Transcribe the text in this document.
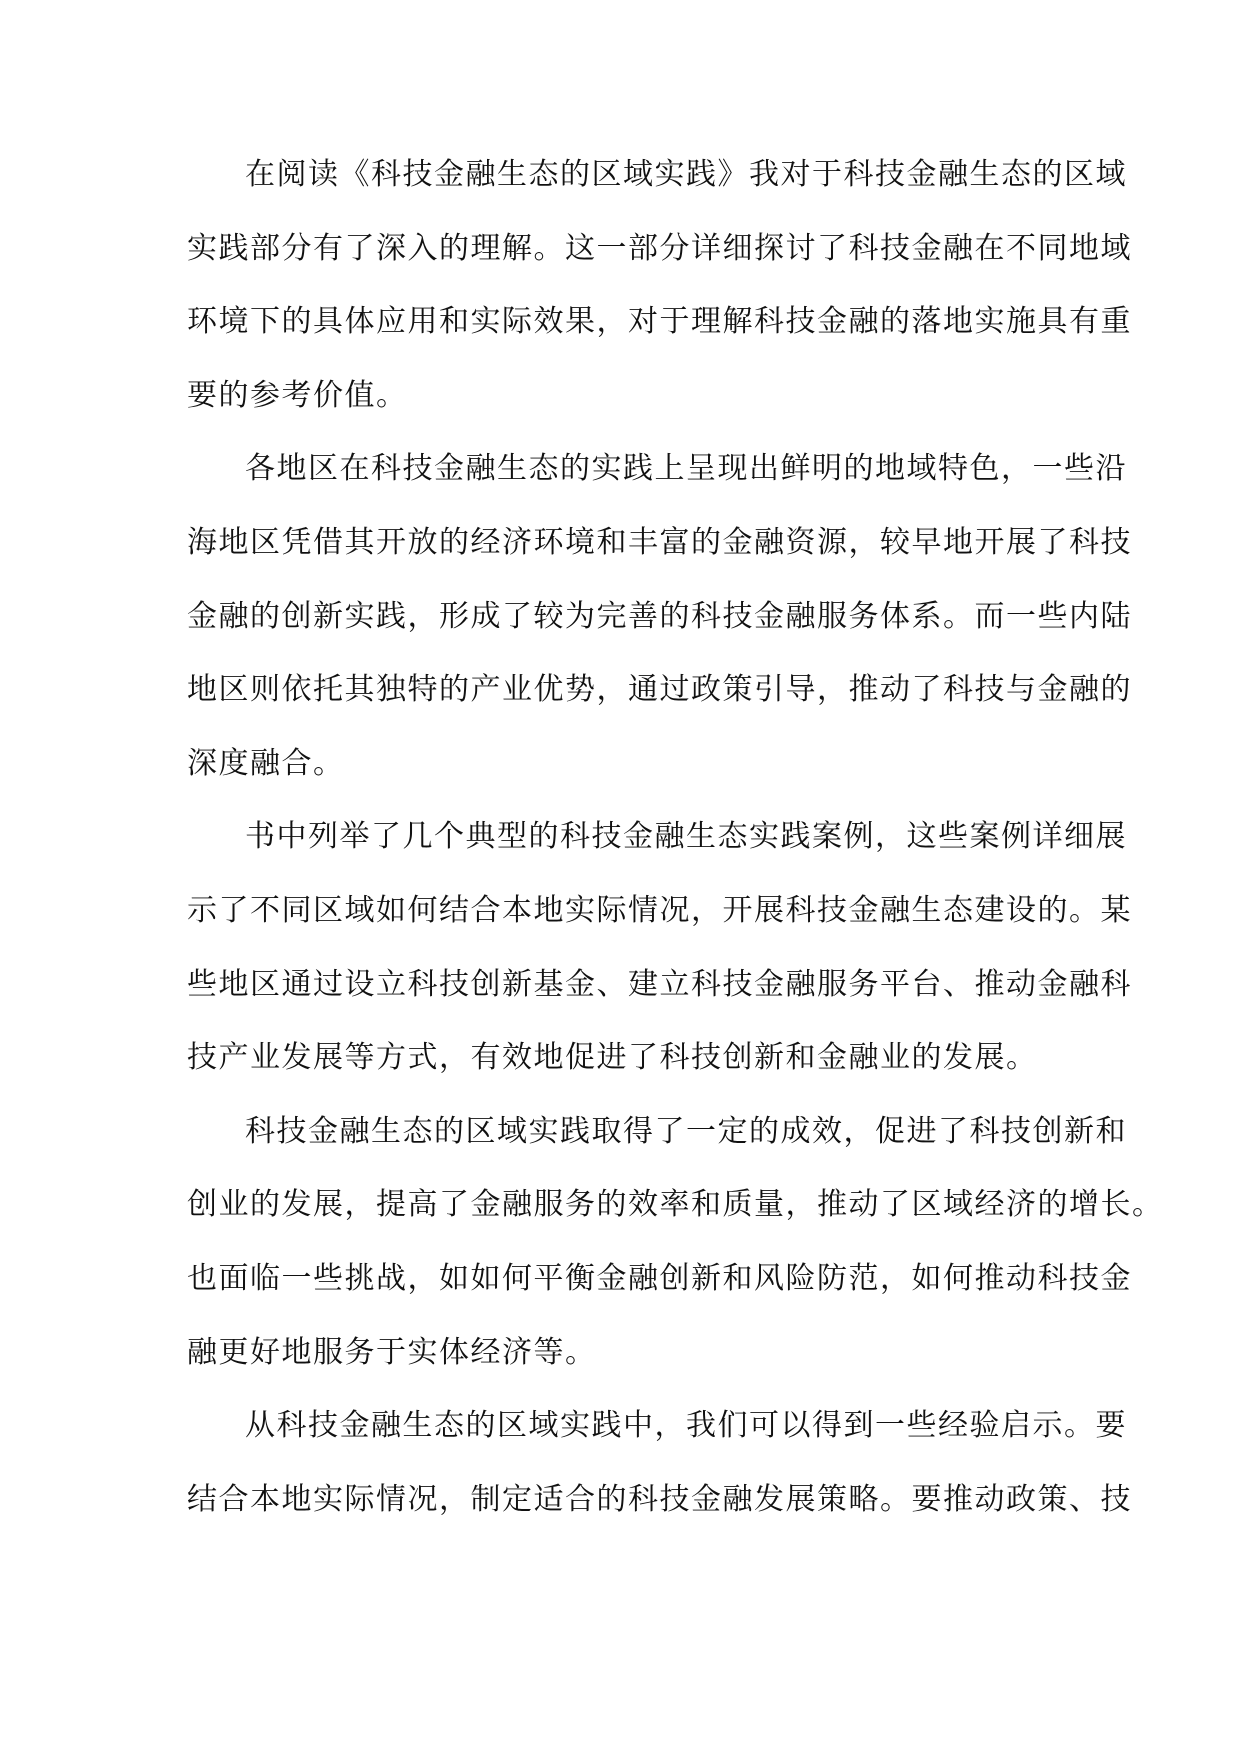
在阅读《科技金融生态的区域实践》我对于科技金融生态的区域
实践部分有了深入的理解。这一部分详细探讨了科技金融在不同地域
环境下的具体应用和实际效果，对于理解科技金融的落地实施具有重
要的参考价值。
各地区在科技金融生态的实践上呈现出鲜明的地域特色，一些沿
海地区凭借其开放的经济环境和丰富的金融资源，较早地开展了科技
金融的创新实践，形成了较为完善的科技金融服务体系。而一些内陆
地区则依托其独特的产业优势，通过政策引导，推动了科技与金融的
深度融合。
书中列举了几个典型的科技金融生态实践案例，这些案例详细展
示了不同区域如何结合本地实际情况，开展科技金融生态建设的。某
些地区通过设立科技创新基金、建立科技金融服务平台、推动金融科
技产业发展等方式，有效地促进了科技创新和金融业的发展。
科技金融生态的区域实践取得了一定的成效，促进了科技创新和
创业的发展，提高了金融服务的效率和质量，推动了区域经济的增长。
也面临一些挑战，如如何平衡金融创新和风险防范，如何推动科技金
融更好地服务于实体经济等。
从科技金融生态的区域实践中，我们可以得到一些经验启示。要
结合本地实际情况，制定适合的科技金融发展策略。要推动政策、技
